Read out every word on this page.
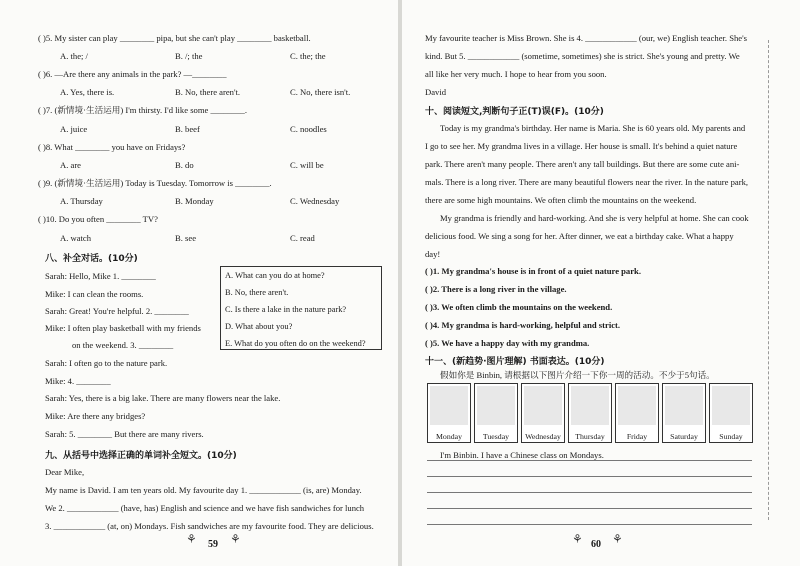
( )5. My sister can play ________ pipa, but she can't play ________ basketball.
A. the; /	B. /; the	C. the; the
( )6. —Are there any animals in the park? —________
A. Yes, there is.	B. No, there aren't.	C. No, there isn't.
( )7. (新情境·生活运用) I'm thirsty. I'd like some ________.
A. juice	B. beef	C. noodles
( )8. What ________ you have on Fridays?
A. are	B. do	C. will be
( )9. (新情境·生活运用) Today is Tuesday. Tomorrow is ________.
A. Thursday	B. Monday	C. Wednesday
( )10. Do you often ________ TV?
A. watch	B. see	C. read
八、补全对话。(10分)
Sarah: Hello, Mike 1. ________
Mike: I can clean the rooms.
Sarah: Great! You're helpful. 2. ________
Mike: I often play basketball with my friends
on the weekend. 3. ________
Sarah: I often go to the nature park.
Mike: 4. ________
Sarah: Yes, there is a big lake. There are many flowers near the lake.
Mike: Are there any bridges?
Sarah: 5. ________ But there are many rivers.
A. What can you do at home?
B. No, there aren't.
C. Is there a lake in the nature park?
D. What about you?
E. What do you often do on the weekend?
九、从括号中选择正确的单词补全短文。(10分)
Dear Mike,
My name is David. I am ten years old. My favourite day 1. ____________ (is, are) Monday.
We 2. ____________ (have, has) English and science and we have fish sandwiches for lunch
3. ____________ (at, on) Mondays. Fish sandwiches are my favourite food. They are delicious.
⚘ 59 ⚘
My favourite teacher is Miss Brown. She is 4. ____________ (our, we) English teacher. She's
kind. But 5. ____________ (sometime, sometimes) she is strict. She's young and pretty. We
all like her very much. I hope to hear from you soon.
David
十、阅读短文,判断句子正(T)误(F)。(10分)
Today is my grandma's birthday. Her name is Maria. She is 60 years old. My parents and
I go to see her. My grandma lives in a village. Her house is small. It's behind a quiet nature
park. There aren't many people. There aren't any tall buildings. But there are some cute ani-
mals. There is a long river. There are many beautiful flowers near the river. In the nature park,
there are some high mountains. We often climb the mountains on the weekend.
My grandma is friendly and hard-working. And she is very helpful at home. She can cook
delicious food. We sing a song for her. After dinner, we eat a birthday cake. What a happy
day!
( )1. My grandma's house is in front of a quiet nature park.
( )2. There is a long river in the village.
( )3. We often climb the mountains on the weekend.
( )4. My grandma is hard-working, helpful and strict.
( )5. We have a happy day with my grandma.
十一、(新趋势·图片理解) 书面表达。(10分)
假如你是 Binbin, 请根据以下图片介绍一下你一周的活动。不少于5句话。
I'm Binbin. I have a Chinese class on Mondays.
Monday	Tuesday	Wednesday	Thursday	Friday	Saturday	Sunday
⚘ 60 ⚘
